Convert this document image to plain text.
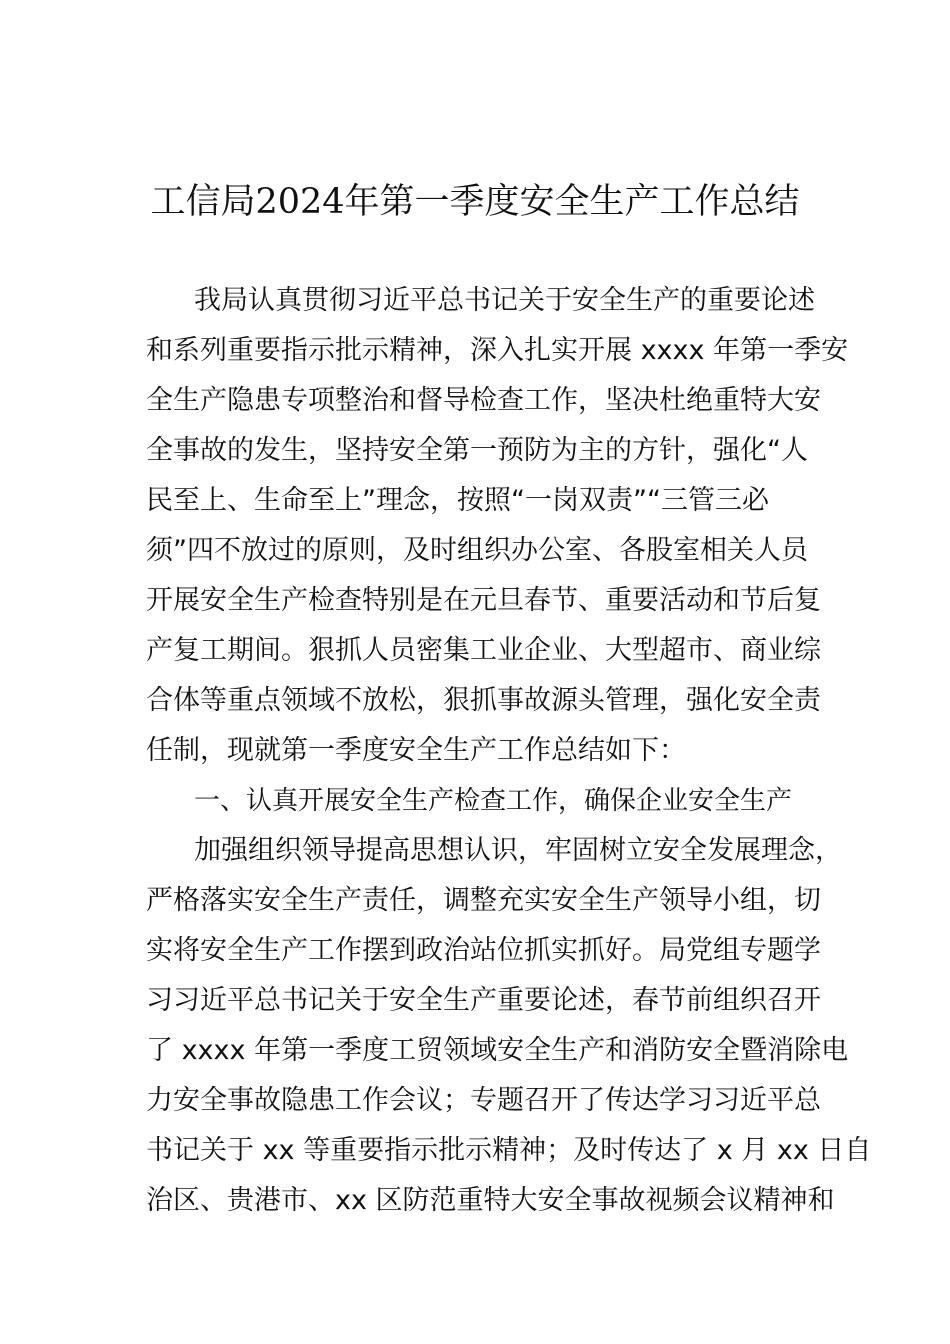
工信局2024年第一季度安全生产工作总结
我局认真贯彻习近平总书记关于安全生产的重要论述
和系列重要指示批示精神，深入扎实开展 xxxx 年第一季安
全生产隐患专项整治和督导检查工作，坚决杜绝重特大安
全事故的发生，坚持安全第一预防为主的方针，强化“人
民至上、生命至上”理念，按照“一岗双责”“三管三必
须”四不放过的原则，及时组织办公室、各股室相关人员
开展安全生产检查特别是在元旦春节、重要活动和节后复
产复工期间。狠抓人员密集工业企业、大型超市、商业综
合体等重点领域不放松，狠抓事故源头管理，强化安全责
任制，现就第一季度安全生产工作总结如下：
一、认真开展安全生产检查工作，确保企业安全生产
加强组织领导提高思想认识，牢固树立安全发展理念，
严格落实安全生产责任，调整充实安全生产领导小组，切
实将安全生产工作摆到政治站位抓实抓好。局党组专题学
习习近平总书记关于安全生产重要论述，春节前组织召开
了 xxxx 年第一季度工贸领域安全生产和消防安全暨消除电
力安全事故隐患工作会议；专题召开了传达学习习近平总
书记关于 xx 等重要指示批示精神；及时传达了 x 月 xx 日自
治区、贵港市、xx 区防范重特大安全事故视频会议精神和
